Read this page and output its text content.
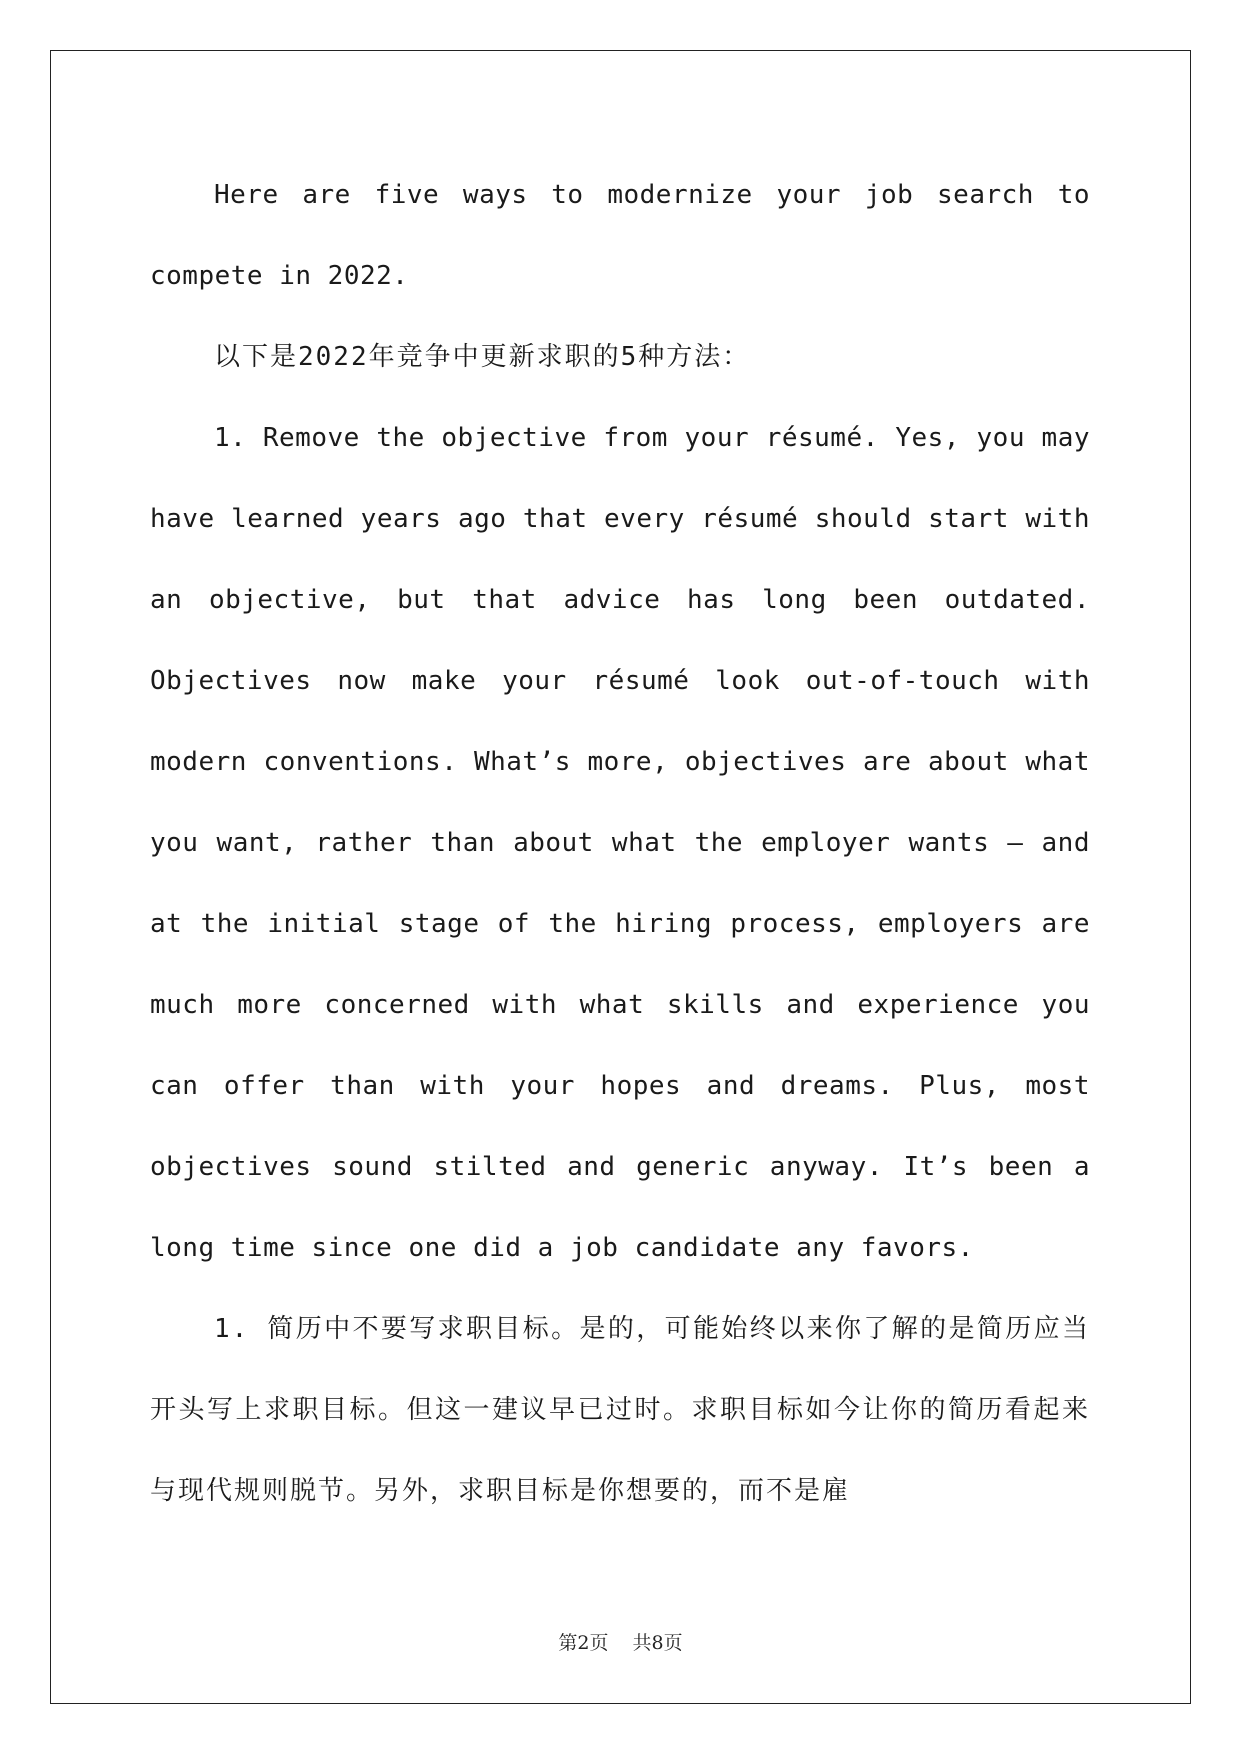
Here are five ways to modernize your job search to compete in 2022.

以下是2022年竞争中更新求职的5种方法：

1. Remove the objective from your résumé. Yes, you may have learned years ago that every résumé should start with an objective, but that advice has long been outdated. Objectives now make your résumé look out-of-touch with modern conventions. What’s more, objectives are about what you want, rather than about what the employer wants – and at the initial stage of the hiring process, employers are much more concerned with what skills and experience you can offer than with your hopes and dreams. Plus, most objectives sound stilted and generic anyway. It’s been a long time since one did a job candidate any favors.

1. 简历中不要写求职目标。是的，可能始终以来你了解的是简历应当开头写上求职目标。但这一建议早已过时。求职目标如今让你的简历看起来与现代规则脱节。另外，求职目标是你想要的，而不是雇

第2页 共8页
